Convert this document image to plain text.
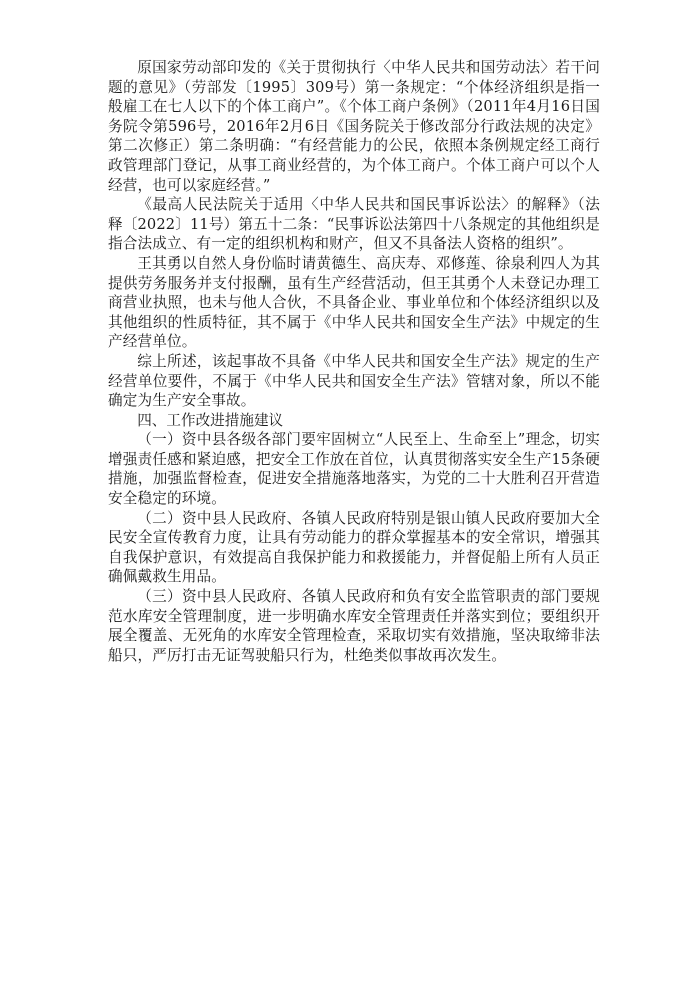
原国家劳动部印发的《关于贯彻执行〈中华人民共和国劳动法〉若干问题的意见》（劳部发〔1995〕309号）第一条规定：“个体经济组织是指一般雇工在七人以下的个体工商户”。《个体工商户条例》（2011年4月16日国务院令第596号，2016年2月6日《国务院关于修改部分行政法规的决定》第二次修正）第二条明确：“有经营能力的公民，依照本条例规定经工商行政管理部门登记，从事工商业经营的，为个体工商户。个体工商户可以个人经营，也可以家庭经营。”

《最高人民法院关于适用〈中华人民共和国民事诉讼法〉的解释》（法释〔2022〕11号）第五十二条：“民事诉讼法第四十八条规定的其他组织是指合法成立、有一定的组织机构和财产，但又不具备法人资格的组织”。

王其勇以自然人身份临时请黄德生、高庆寿、邓修莲、徐泉利四人为其提供劳务服务并支付报酬，虽有生产经营活动，但王其勇个人未登记办理工商营业执照，也未与他人合伙，不具备企业、事业单位和个体经济组织以及其他组织的性质特征，其不属于《中华人民共和国安全生产法》中规定的生产经营单位。

综上所述，该起事故不具备《中华人民共和国安全生产法》规定的生产经营单位要件，不属于《中华人民共和国安全生产法》管辖对象，所以不能确定为生产安全事故。

四、工作改进措施建议

（一）资中县各级各部门要牢固树立“人民至上、生命至上”理念，切实增强责任感和紧迫感，把安全工作放在首位，认真贯彻落实安全生产15条硬措施，加强监督检查，促进安全措施落地落实，为党的二十大胜利召开营造安全稳定的环境。

（二）资中县人民政府、各镇人民政府特别是银山镇人民政府要加大全民安全宣传教育力度，让具有劳动能力的群众掌握基本的安全常识，增强其自我保护意识，有效提高自我保护能力和救援能力，并督促船上所有人员正确佩戴救生用品。

（三）资中县人民政府、各镇人民政府和负有安全监管职责的部门要规范水库安全管理制度，进一步明确水库安全管理责任并落实到位；要组织开展全覆盖、无死角的水库安全管理检查，采取切实有效措施，坚决取缔非法船只，严厉打击无证驾驶船只行为，杜绝类似事故再次发生。
